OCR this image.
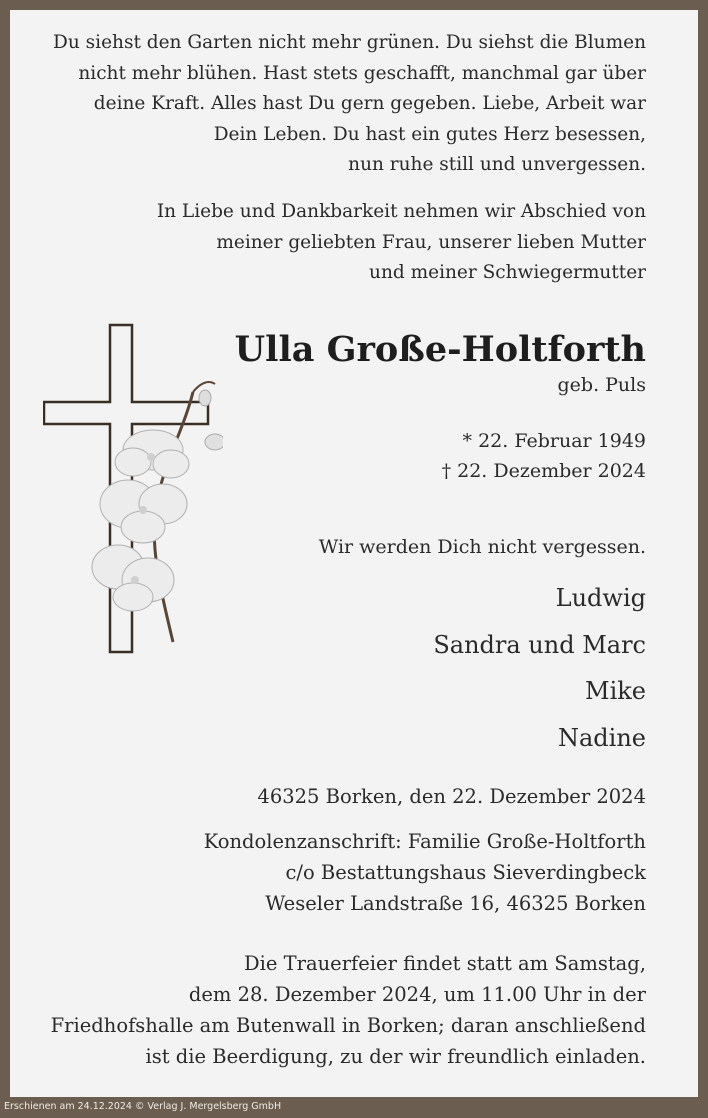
Du siehst den Garten nicht mehr grünen. Du siehst die Blumen
nicht mehr blühen. Hast stets geschafft, manchmal gar über
deine Kraft. Alles hast Du gern gegeben. Liebe, Arbeit war
Dein Leben. Du hast ein gutes Herz besessen,
nun ruhe still und unvergessen.
In Liebe und Dankbarkeit nehmen wir Abschied von
meiner geliebten Frau, unserer lieben Mutter
und meiner Schwiegermutter
Ulla Große-Holtforth
geb. Puls
* 22. Februar 1949
† 22. Dezember 2024
Wir werden Dich nicht vergessen.
Ludwig
Sandra und Marc
Mike
Nadine
46325 Borken, den 22. Dezember 2024
Kondolenzanschrift: Familie Große-Holtforth
c/o Bestattungshaus Sieverdingbeck
Weseler Landstraße 16, 46325 Borken
Die Trauerfeier findet statt am Samstag,
dem 28. Dezember 2024, um 11.00 Uhr in der
Friedhofshalle am Butenwall in Borken; daran anschließend
ist die Beerdigung, zu der wir freundlich einladen.
Erschienen am 24.12.2024 © Verlag J. Mergelsberg GmbH
